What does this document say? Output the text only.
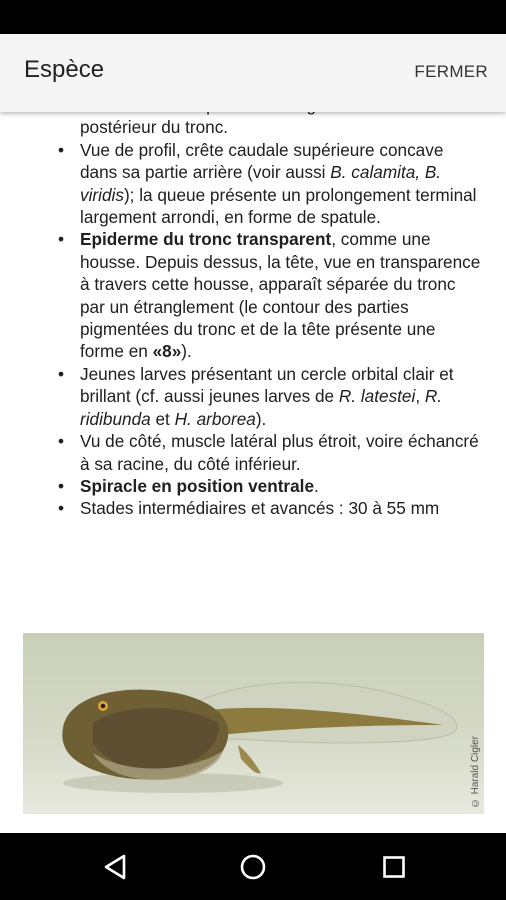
postérieur du tronc.
• Vue de profil, crête caudale supérieure concave dans sa partie arrière (voir aussi B. calamita, B. viridis); la queue présente un prolongement terminal largement arrondi, en forme de spatule.
• Epiderme du tronc transparent, comme une housse. Depuis dessus, la tête, vue en transparence à travers cette housse, apparaît séparée du tronc par un étranglement (le contour des parties pigmentées du tronc et de la tête présente une forme en «8»).
• Jeunes larves présentant un cercle orbital clair et brillant (cf. aussi jeunes larves de R. latestei, R. ridibunda et H. arborea).
• Vu de côté, muscle latéral plus étroit, voire échancré à sa racine, du côté inférieur.
• Spiracle en position ventrale.
• Stades intermédiaires et avancés : 30 à 55 mm
© Harald Cigler
Espèce	FERMER
